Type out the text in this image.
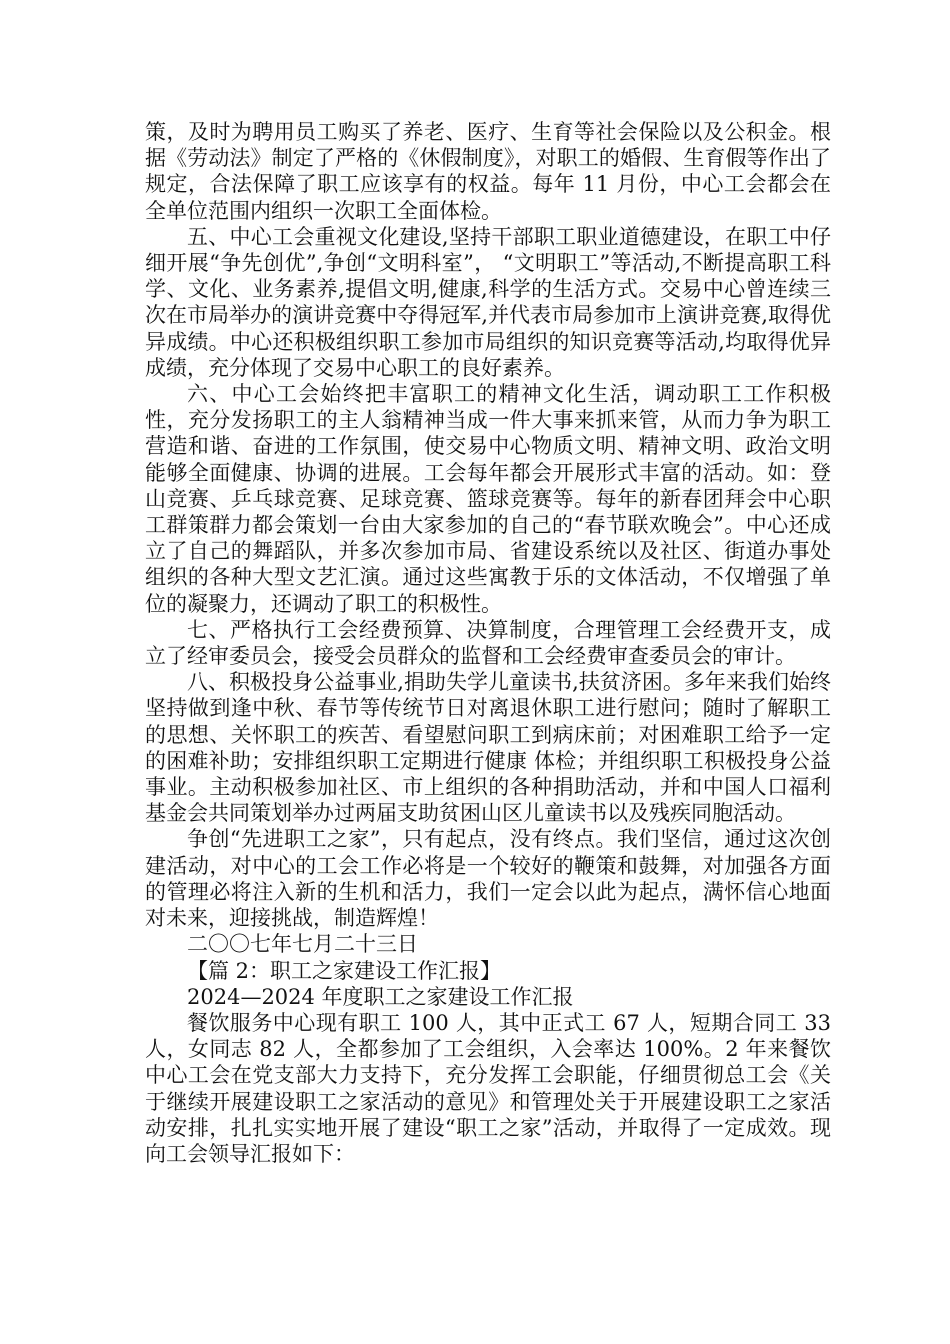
策，及时为聘用员工购买了养老、医疗、生育等社会保险以及公积金。根据《劳动法》制定了严格的《休假制度》，对职工的婚假、生育假等作出了规定，合法保障了职工应该享有的权益。每年 11 月份，中心工会都会在全单位范围内组织一次职工全面体检。

五、中心工会重视文化建设,坚持干部职工职业道德建设，在职工中仔细开展“争先创优”,争创“文明科室”， “文明职工”等活动,不断提高职工科学、文化、业务素养,提倡文明,健康,科学的生活方式。交易中心曾连续三次在市局举办的演讲竞赛中夺得冠军,并代表市局参加市上演讲竞赛,取得优异成绩。中心还积极组织职工参加市局组织的知识竞赛等活动,均取得优异成绩，充分体现了交易中心职工的良好素养。

六、中心工会始终把丰富职工的精神文化生活，调动职工工作积极性，充分发扬职工的主人翁精神当成一件大事来抓来管，从而力争为职工营造和谐、奋进的工作氛围，使交易中心物质文明、精神文明、政治文明能够全面健康、协调的进展。工会每年都会开展形式丰富的活动。如：登山竞赛、乒乓球竞赛、足球竞赛、篮球竞赛等。每年的新春团拜会中心职工群策群力都会策划一台由大家参加的自己的“春节联欢晚会”。中心还成立了自己的舞蹈队，并多次参加市局、省建设系统以及社区、街道办事处组织的各种大型文艺汇演。通过这些寓教于乐的文体活动，不仅增强了单位的凝聚力，还调动了职工的积极性。

七、严格执行工会经费预算、决算制度，合理管理工会经费开支，成立了经审委员会，接受会员群众的监督和工会经费审查委员会的审计。

八、积极投身公益事业,捐助失学儿童读书,扶贫济困。多年来我们始终坚持做到逢中秋、春节等传统节日对离退休职工进行慰问；随时了解职工的思想、关怀职工的疾苦、看望慰问职工到病床前；对困难职工给予一定的困难补助；安排组织职工定期进行健康 体检；并组织职工积极投身公益事业。主动积极参加社区、市上组织的各种捐助活动，并和中国人口福利基金会共同策划举办过两届支助贫困山区儿童读书以及残疾同胞活动。

争创“先进职工之家”，只有起点，没有终点。我们坚信，通过这次创建活动，对中心的工会工作必将是一个较好的鞭策和鼓舞，对加强各方面的管理必将注入新的生机和活力，我们一定会以此为起点，满怀信心地面对未来，迎接挑战，制造辉煌！

二〇〇七年七月二十三日

【篇 2：职工之家建设工作汇报】

2024—2024 年度职工之家建设工作汇报

餐饮服务中心现有职工 100 人，其中正式工 67 人，短期合同工 33 人，女同志 82 人，全都参加了工会组织，入会率达 100%。2 年来餐饮中心工会在党支部大力支持下，充分发挥工会职能，仔细贯彻总工会《关于继续开展建设职工之家活动的意见》和管理处关于开展建设职工之家活动安排，扎扎实实地开展了建设“职工之家”活动，并取得了一定成效。现向工会领导汇报如下：
